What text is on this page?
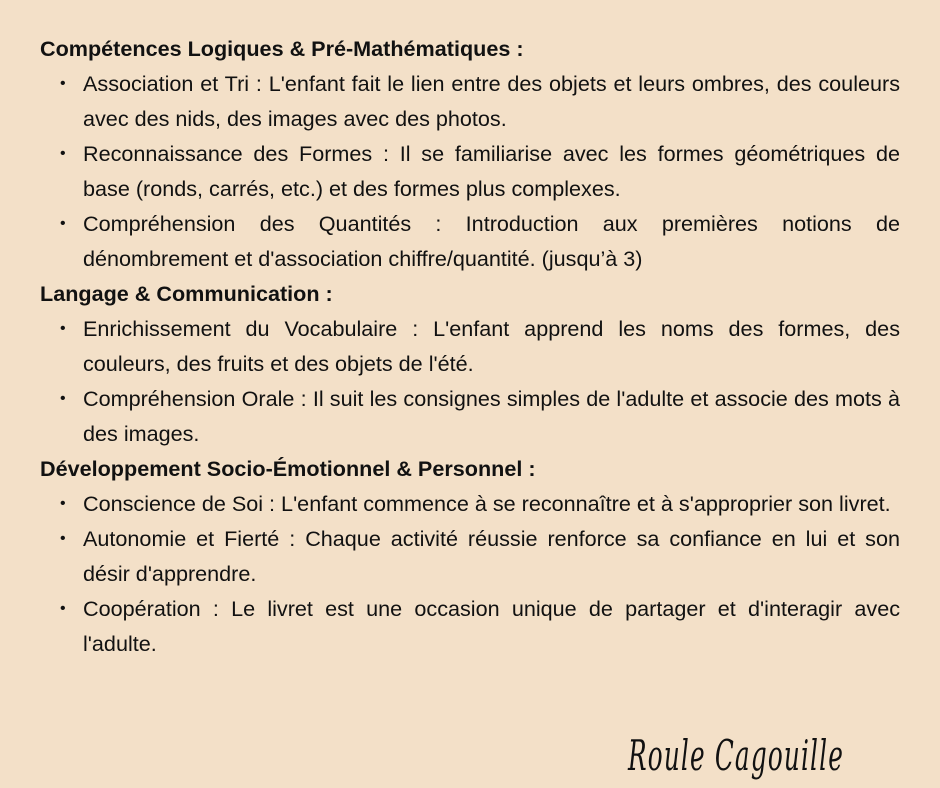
Compétences Logiques & Pré-Mathématiques :

• Association et Tri : L'enfant fait le lien entre des objets et leurs ombres, des couleurs avec des nids, des images avec des photos.
• Reconnaissance des Formes : Il se familiarise avec les formes géométriques de base (ronds, carrés, etc.) et des formes plus complexes.
• Compréhension des Quantités : Introduction aux premières notions de dénombrement et d'association chiffre/quantité. (jusqu’à 3)

Langage & Communication :

• Enrichissement du Vocabulaire : L'enfant apprend les noms des formes, des couleurs, des fruits et des objets de l'été.
• Compréhension Orale : Il suit les consignes simples de l'adulte et associe des mots à des images.

Développement Socio-Émotionnel & Personnel :

• Conscience de Soi : L'enfant commence à se reconnaître et à s'approprier son livret.
• Autonomie et Fierté : Chaque activité réussie renforce sa confiance en lui et son désir d'apprendre.
• Coopération : Le livret est une occasion unique de partager et d'interagir avec l'adulte.
Roule Cagouille
